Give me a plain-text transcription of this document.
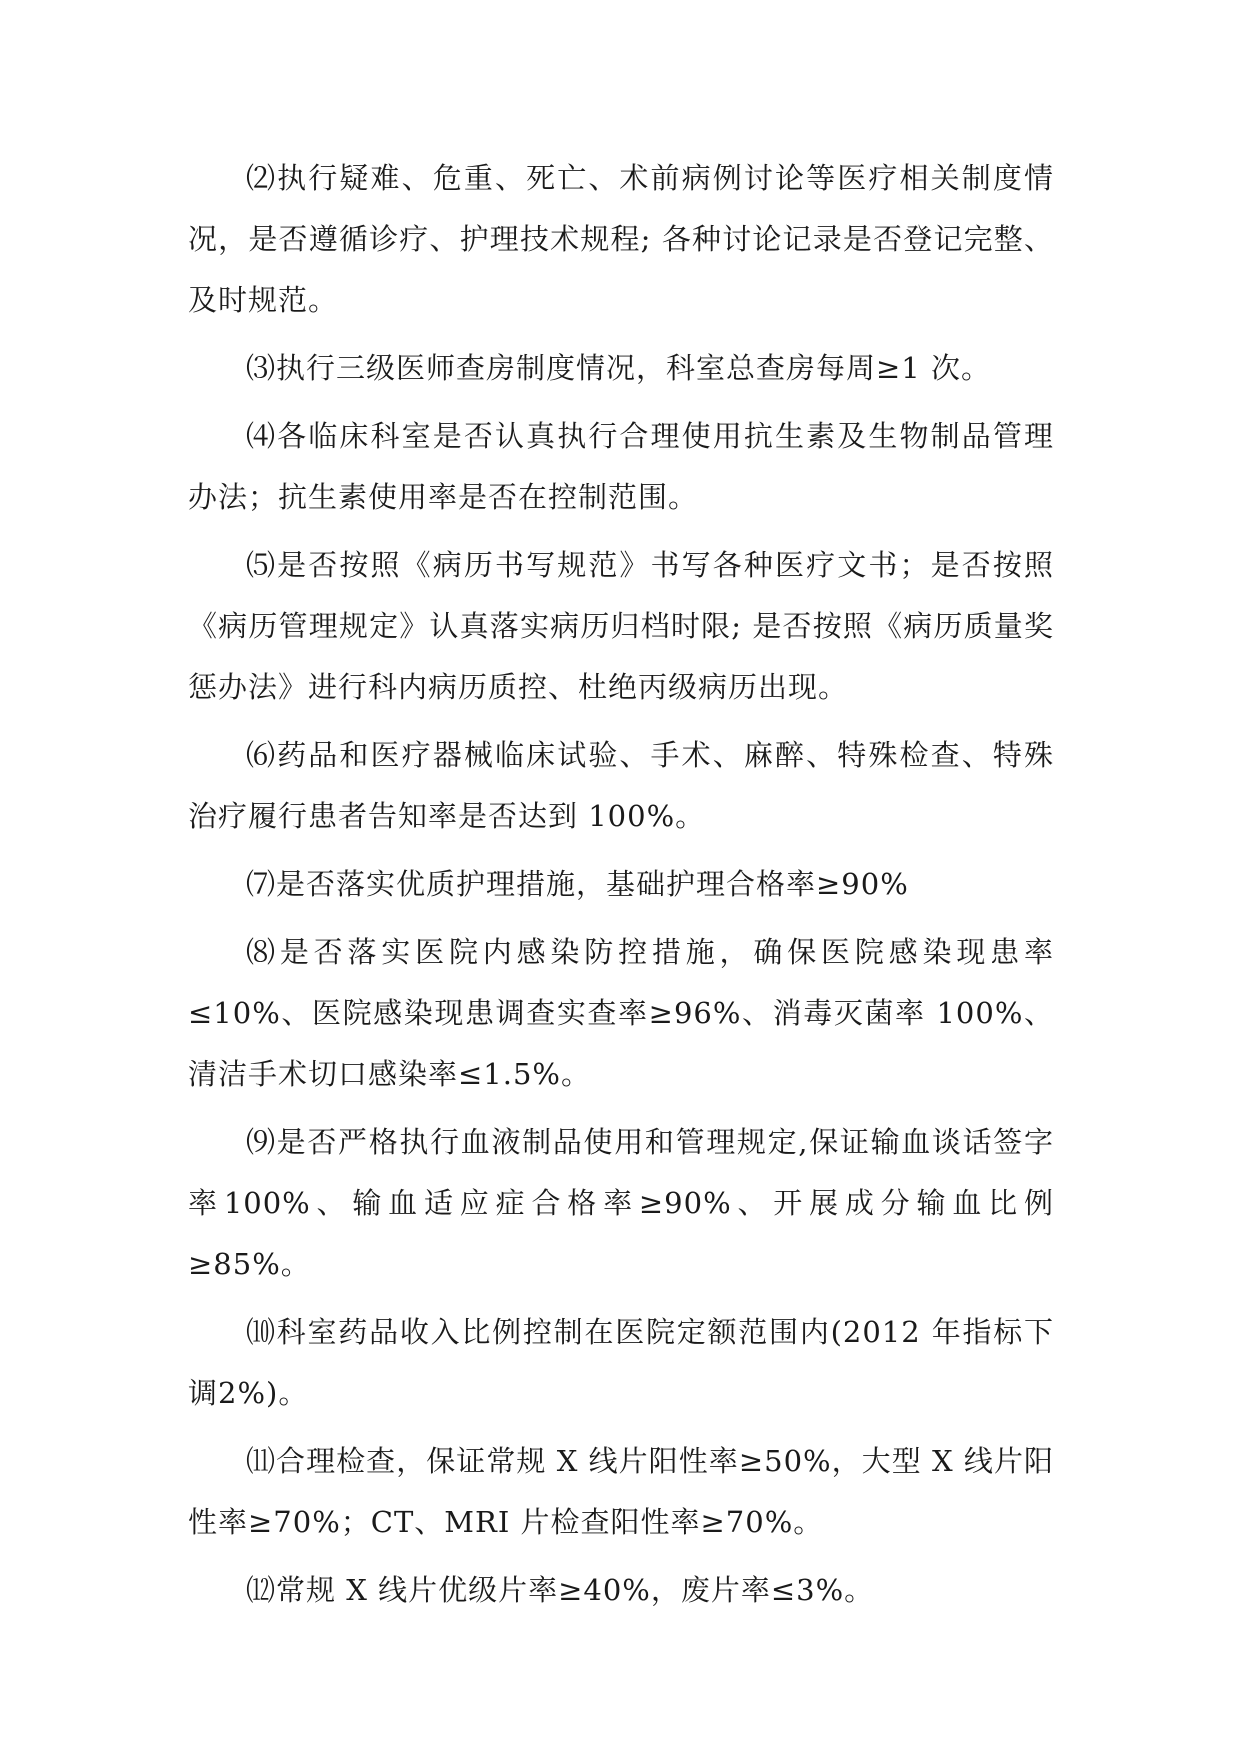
⑵执行疑难、危重、死亡、术前病例讨论等医疗相关制度情况，是否遵循诊疗、护理技术规程; 各种讨论记录是否登记完整、及时规范。

⑶执行三级医师查房制度情况，科室总查房每周≥1 次。

⑷各临床科室是否认真执行合理使用抗生素及生物制品管理办法；抗生素使用率是否在控制范围。

⑸是否按照《病历书写规范》书写各种医疗文书；是否按照《病历管理规定》认真落实病历归档时限; 是否按照《病历质量奖惩办法》进行科内病历质控、杜绝丙级病历出现。

⑹药品和医疗器械临床试验、手术、麻醉、特殊检查、特殊治疗履行患者告知率是否达到 100%。

⑺是否落实优质护理措施，基础护理合格率≥90%

⑻是否落实医院内感染防控措施，确保医院感染现患率≤10%、医院感染现患调查实查率≥96%、消毒灭菌率 100%、清洁手术切口感染率≤1.5%。

⑼是否严格执行血液制品使用和管理规定,保证输血谈话签字率100%、输血适应症合格率≥90%、开展成分输血比例≥85%。

⑽科室药品收入比例控制在医院定额范围内(2012 年指标下调2%)。

⑾合理检查，保证常规 X 线片阳性率≥50%，大型 X 线片阳性率≥70%；CT、MRI 片检查阳性率≥70%。

⑿常规 X 线片优级片率≥40%，废片率≤3%。
